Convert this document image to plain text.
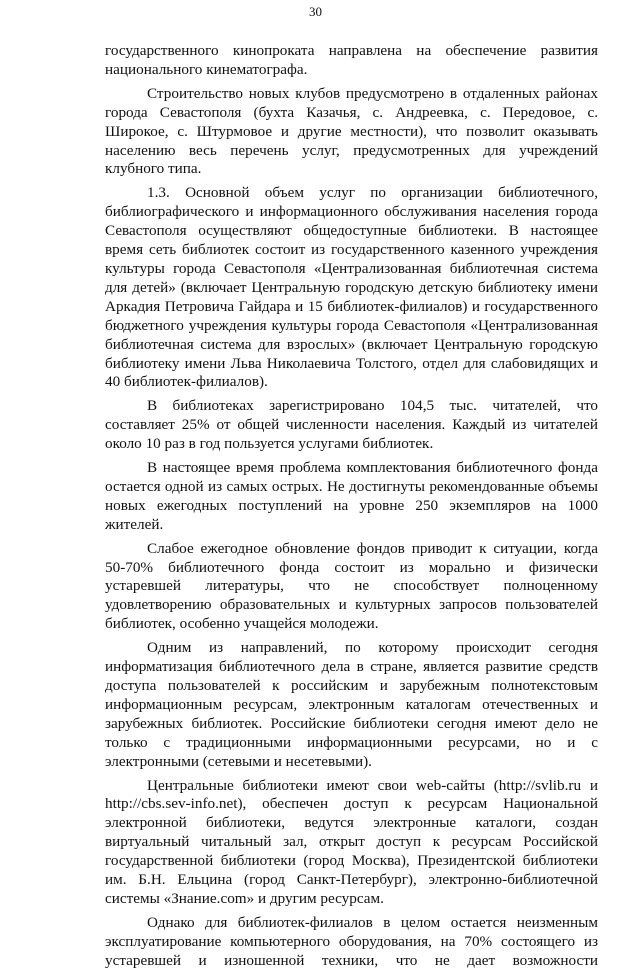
30

государственного кинопроката направлена на обеспечение развития национального кинематографа.

Строительство новых клубов предусмотрено в отдаленных районах города Севастополя (бухта Казачья, с. Андреевка, с. Передовое, с. Широкое, с. Штурмовое и другие местности), что позволит оказывать населению весь перечень услуг, предусмотренных для учреждений клубного типа.

1.3. Основной объем услуг по организации библиотечного, библиографического и информационного обслуживания населения города Севастополя осуществляют общедоступные библиотеки. В настоящее время сеть библиотек состоит из государственного казенного учреждения культуры города Севастополя «Централизованная библиотечная система для детей» (включает Центральную городскую детскую библиотеку имени Аркадия Петровича Гайдара и 15 библиотек-филиалов) и государственного бюджетного учреждения культуры города Севастополя «Централизованная библиотечная система для взрослых» (включает Центральную городскую библиотеку имени Льва Николаевича Толстого, отдел для слабовидящих и 40 библиотек-филиалов).

В библиотеках зарегистрировано 104,5 тыс. читателей, что составляет 25% от общей численности населения. Каждый из читателей около 10 раз в год пользуется услугами библиотек.

В настоящее время проблема комплектования библиотечного фонда остается одной из самых острых. Не достигнуты рекомендованные объемы новых ежегодных поступлений на уровне 250 экземпляров на 1000 жителей.

Слабое ежегодное обновление фондов приводит к ситуации, когда 50-70% библиотечного фонда состоит из морально и физически устаревшей литературы, что не способствует полноценному удовлетворению образовательных и культурных запросов пользователей библиотек, особенно учащейся молодежи.

Одним из направлений, по которому происходит сегодня информатизация библиотечного дела в стране, является развитие средств доступа пользователей к российским и зарубежным полнотекстовым информационным ресурсам, электронным каталогам отечественных и зарубежных библиотек. Российские библиотеки сегодня имеют дело не только с традиционными информационными ресурсами, но и с электронными (сетевыми и несетевыми).

Центральные библиотеки имеют свои web-сайты (http://svlib.ru и http://cbs.sev-info.net), обеспечен доступ к ресурсам Национальной электронной библиотеки, ведутся электронные каталоги, создан виртуальный читальный зал, открыт доступ к ресурсам Российской государственной библиотеки (город Москва), Президентской библиотеки им. Б.Н. Ельцина (город Санкт-Петербург), электронно-библиотечной системы «Знание.com» и другим ресурсам.

Однако для библиотек-филиалов в целом остается неизменным эксплуатирование компьютерного оборудования, на 70% состоящего из устаревшей и изношенной техники, что не дает возможности
